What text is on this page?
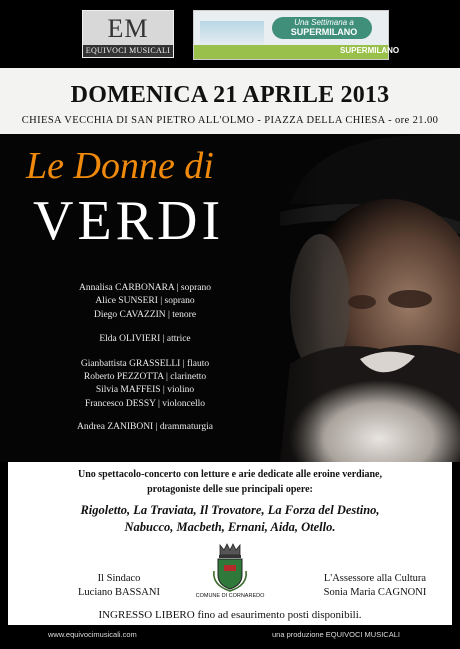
EM
EQUIVOCI MUSICALI

Una Settimana a
SUPERMILANO
SUPERMILANO
DOMENICA 21 APRILE 2013
CHIESA VECCHIA DI SAN PIETRO ALL'OLMO - PIAZZA DELLA CHIESA - ore 21.00
Le Donne di
VERDI
Annalisa CARBONARA | soprano
Alice SUNSERI | soprano
Diego CAVAZZIN | tenore
Elda OLIVIERI | attrice
Gianbattista GRASSELLI | flauto
Roberto PEZZOTTA | clarinetto
Silvia MAFFEIS | violino
Francesco DESSY | violoncello
Andrea ZANIBONI | drammaturgia
Uno spettacolo-concerto con letture e arie dedicate alle eroine verdiane,
protagoniste delle sue principali opere:
Rigoletto, La Traviata, Il Trovatore, La Forza del Destino,
Nabucco, Macbeth, Ernani, Aida, Otello.
Il Sindaco
Luciano BASSANI	COMUNE DI CORNAREDO
L'Assessore alla Cultura
Sonia Maria CAGNONI
INGRESSO LIBERO fino ad esaurimento posti disponibili.
www.equivocimusicali.com	una produzione EQUIVOCI MUSICALI
